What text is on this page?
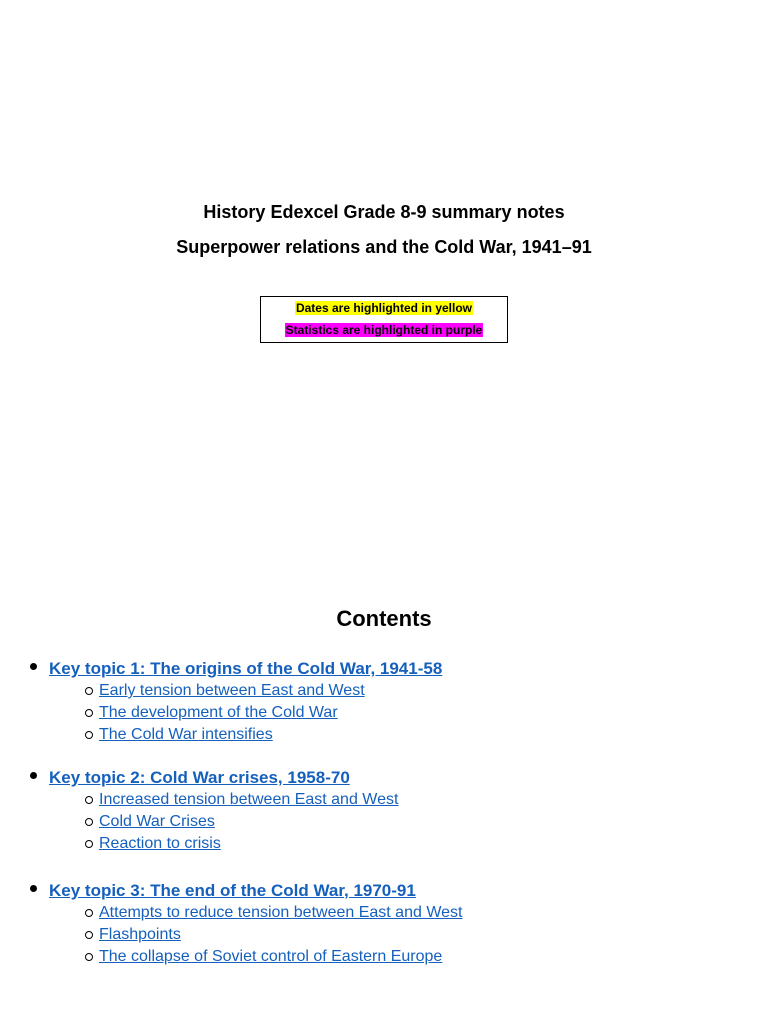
History Edexcel Grade 8-9 summary notes
Superpower relations and the Cold War, 1941–91
Dates are highlighted in yellow
Statistics are highlighted in purple
Contents
Key topic 1: The origins of the Cold War, 1941-58
Early tension between East and West
The development of the Cold War
The Cold War intensifies
Key topic 2: Cold War crises, 1958-70
Increased tension between East and West
Cold War Crises
Reaction to crisis
Key topic 3: The end of the Cold War, 1970-91
Attempts to reduce tension between East and West
Flashpoints
The collapse of Soviet control of Eastern Europe
